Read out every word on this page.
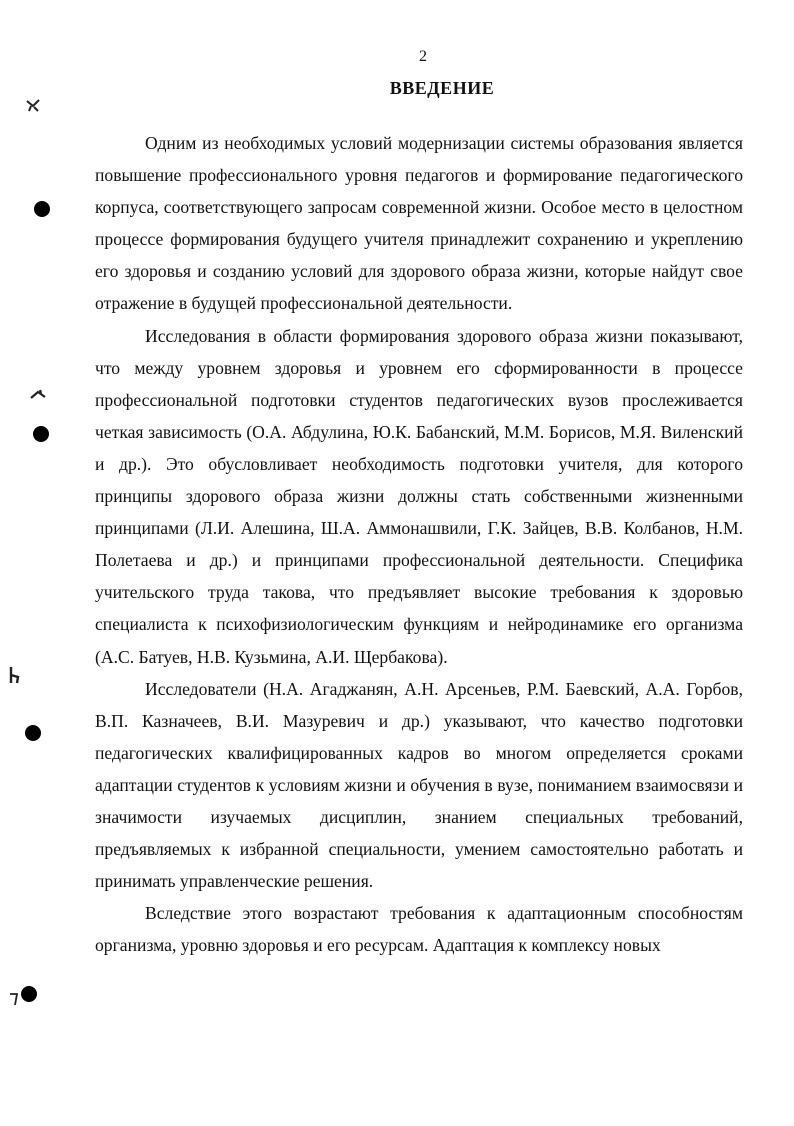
2
ВВЕДЕНИЕ

Одним из необходимых условий модернизации системы образования является повышение профессионального уровня педагогов и формирование педагогического корпуса, соответствующего запросам современной жизни. Особое место в целостном процессе формирования будущего учителя принадлежит сохранению и укреплению его здоровья и созданию условий для здорового образа жизни, которые найдут свое отражение в будущей профессиональной деятельности.

Исследования в области формирования здорового образа жизни показывают, что между уровнем здоровья и уровнем его сформированности в процессе профессиональной подготовки студентов педагогических вузов прослеживается четкая зависимость (О.А. Абдулина, Ю.К. Бабанский, М.М. Борисов, М.Я. Виленский и др.). Это обусловливает необходимость подготовки учителя, для которого принципы здорового образа жизни должны стать собственными жизненными принципами (Л.И. Алешина, Ш.А. Аммонашвили, Г.К. Зайцев, В.В. Колбанов, Н.М. Полетаева и др.) и принципами профессиональной деятельности. Специфика учительского труда такова, что предъявляет высокие требования к здоровью специалиста к психофизиологическим функциям и нейродинамике его организма (А.С. Батуев, Н.В. Кузьмина, А.И. Щербакова).

Исследователи (Н.А. Агаджанян, А.Н. Арсеньев, Р.М. Баевский, А.А. Горбов, В.П. Казначеев, В.И. Мазуревич и др.) указывают, что качество подготовки педагогических квалифицированных кадров во многом определяется сроками адаптации студентов к условиям жизни и обучения в вузе, пониманием взаимосвязи и значимости изучаемых дисциплин, знанием специальных требований, предъявляемых к избранной специальности, умением самостоятельно работать и принимать управленческие решения.

Вследствие этого возрастают требования к адаптационным способностям организма, уровню здоровья и его ресурсам. Адаптация к комплексу новых
